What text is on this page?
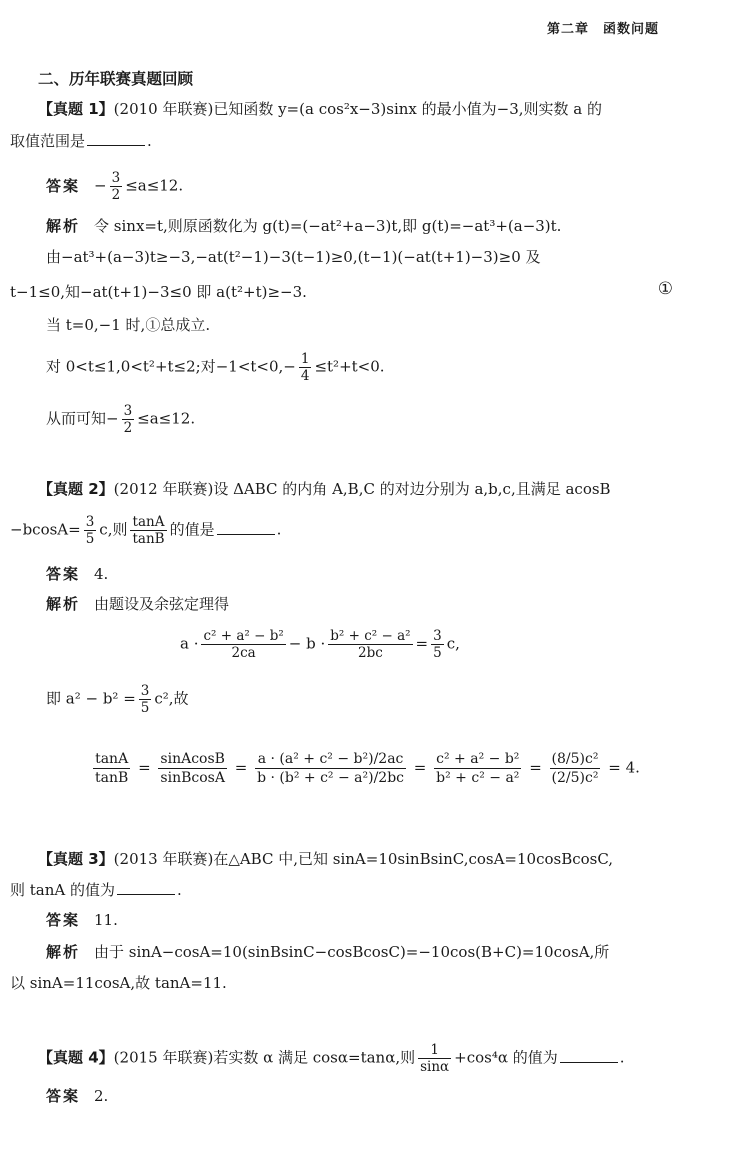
第二章　函数问题
二、历年联赛真题回顾
【真题 1】(2010 年联赛)已知函数 y=(a cos²x−3)sinx 的最小值为−3,则实数 a 的
取值范围是	.
答案 − $\frac{3}{2} \le a\le 12$.
解析 令 sinx=t,则原函数化为 g(t)=(−at²+a−3)t,即 g(t)=−at³+(a−3)t.
由−at³+(a−3)t≥−3,−at(t²−1)−3(t−1)≥0,(t−1)(−at(t+1)−3)≥0 及
t−1≤0,知−at(t+1)−3≤0 即 a(t²+t)≥−3.	①
当 t=0,−1 时,①总成立.
对 0<t≤1,0<t²+t≤2;对$-1<t<0,- \frac{1}{4} \le t^2+t<0$.
从而可知− $\frac{3}{2} \le a\le 12$.
【真题 2】(2012 年联赛)设 ΔABC 的内角 A,B,C 的对边分别为 a,b,c,且满足 acosB
$-bcosA= \frac{3}{5} c$,则 $\frac{\tan A}{\tan B}$ 的值是	.
答案 4.
解析 由题设及余弦定理得
$a \cdot \frac{\text{c² + a² − b²}}{2ca} - b \cdot \frac{\text{b² + c² − a²}}{2bc} = \frac{3}{5} c$,
即 $a^2 - b^2 = \frac{3}{5} c^2$,故
$\frac{\tan A}{\tan B} = \frac{\text{sinAcosB}}{\text{sinBcosA}} = \frac{\text{a · (a² + c² − b²)/2ac}}{\text{b · (b² + c² − a²)/2bc}} = \frac{\text{c² + a² − b²}}{\text{b² + c² − a²}} = \frac{\text{(8/5)c²}}{\text{(2/5)c²}} = 4$.
【真题 3】(2013 年联赛)在△ABC 中,已知 sinA=10sinBsinC,cosA=10cosBcosC,
则 tanA 的值为	.
答案 11.
解析 由于 sinA−cosA=10(sinBsinC−cosBcosC)=−10cos(B+C)=10cosA,所
以 sinA=11cosA,故 tanA=11.
【真题 4】(2015 年联赛)若实数 α 满足 cosα=tanα,则 $\frac{1}{\sin\alpha} +\cos^4\alpha$ 的值为	.
答案 2.
